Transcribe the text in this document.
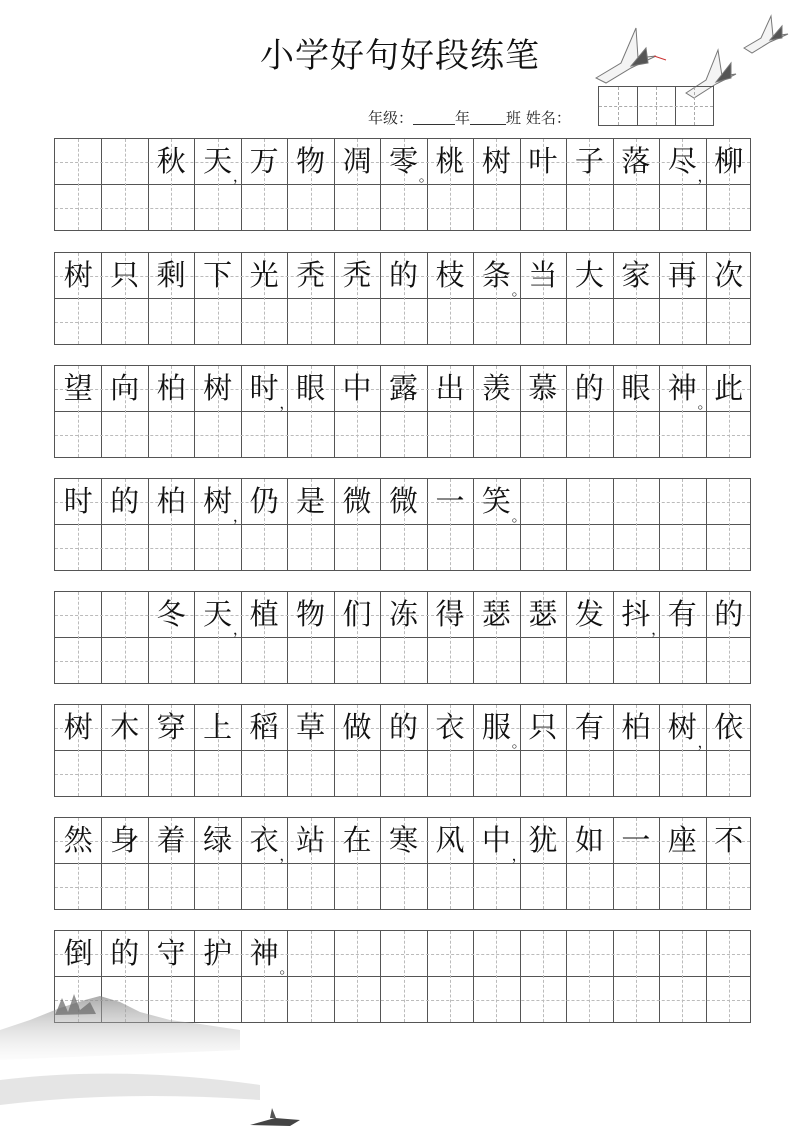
小学好句好段练笔
年级：	年 班 姓名：
秋 天 万 物 凋 零 桃 树 叶 子 落 尽 柳
，	。	，
树 只 剩 下 光 秃 秃 的 枝 条 当 大 家 再 次
。
望 向 柏 树 时 眼 中 露 出 羡 慕 的 眼 神 此
，	。
时 的 柏 树 仍 是 微 微 一 笑
，	。
冬 天 植 物 们 冻 得 瑟 瑟 发 抖 有 的
，	，
树 木 穿 上 稻 草 做 的 衣 服 只 有 柏 树 依
。	，
然 身 着 绿 衣 站 在 寒 风 中 犹 如 一 座 不
，	，
倒 的 守 护 神 。
